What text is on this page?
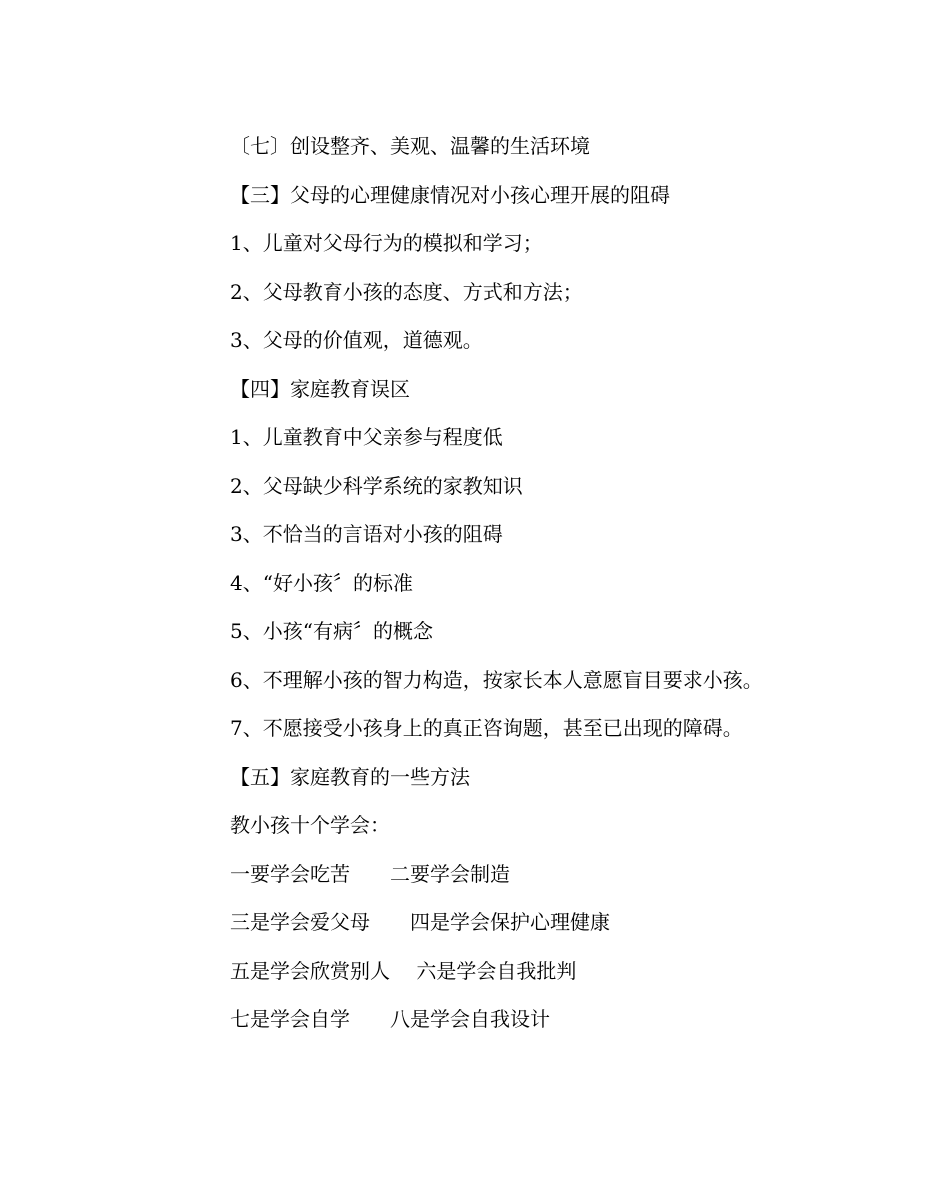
〔七〕创设整齐、美观、温馨的生活环境
【三】父母的心理健康情况对小孩心理开展的阻碍
1、儿童对父母行为的模拟和学习；
2、父母教育小孩的态度、方式和方法；
3、父母的价值观，道德观。
【四】家庭教育误区
1、儿童教育中父亲参与程度低
2、父母缺少科学系统的家教知识
3、不恰当的言语对小孩的阻碍
4、“好小孩〞的标准
5、小孩“有病〞的概念
6、不理解小孩的智力构造，按家长本人意愿盲目要求小孩。
7、不愿接受小孩身上的真正咨询题，甚至已出现的障碍。
【五】家庭教育的一些方法
教小孩十个学会：
一要学会吃苦　　二要学会制造
三是学会爱父母　　四是学会保护心理健康
五是学会欣赏别人　 六是学会自我批判
七是学会自学　　八是学会自我设计
